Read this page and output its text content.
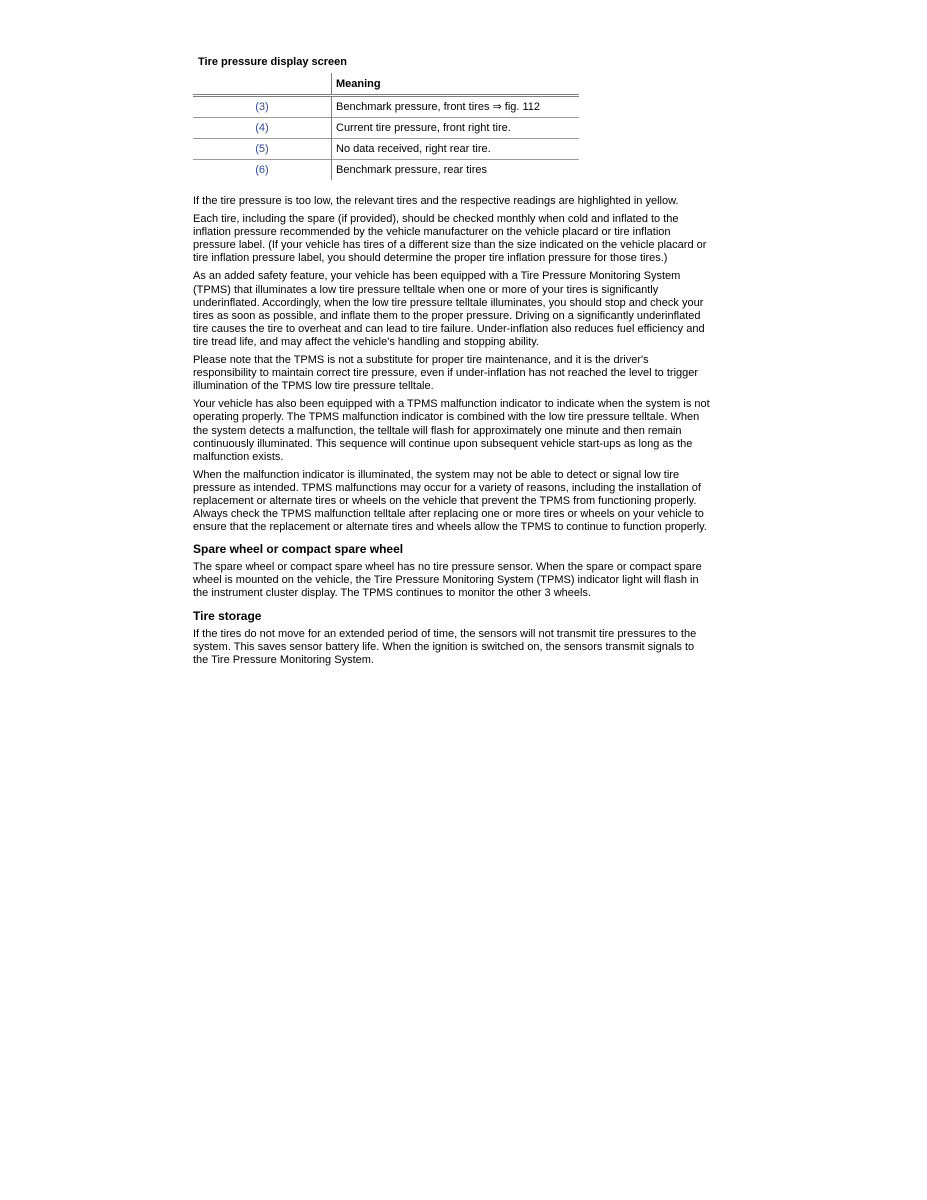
Tire pressure display screen
	Meaning
(3)	Benchmark pressure, front tires ⇒ fig. 112
(4)	Current tire pressure, front right tire.
(5)	No data received, right rear tire.
(6)	Benchmark pressure, rear tires

If the tire pressure is too low, the relevant tires and the respective readings are highlighted in yellow.

Each tire, including the spare (if provided), should be checked monthly when cold and inflated to the inflation pressure recommended by the vehicle manufacturer on the vehicle placard or tire inflation pressure label. (If your vehicle has tires of a different size than the size indicated on the vehicle placard or tire inflation pressure label, you should determine the proper tire inflation pressure for those tires.)

As an added safety feature, your vehicle has been equipped with a Tire Pressure Monitoring System (TPMS) that illuminates a low tire pressure telltale when one or more of your tires is significantly underinflated. Accordingly, when the low tire pressure telltale illuminates, you should stop and check your tires as soon as possible, and inflate them to the proper pressure. Driving on a significantly underinflated tire causes the tire to overheat and can lead to tire failure. Under-inflation also reduces fuel efficiency and tire tread life, and may affect the vehicle's handling and stopping ability.

Please note that the TPMS is not a substitute for proper tire maintenance, and it is the driver's responsibility to maintain correct tire pressure, even if under-inflation has not reached the level to trigger illumination of the TPMS low tire pressure telltale.

Your vehicle has also been equipped with a TPMS malfunction indicator to indicate when the system is not operating properly. The TPMS malfunction indicator is combined with the low tire pressure telltale. When the system detects a malfunction, the telltale will flash for approximately one minute and then remain continuously illuminated. This sequence will continue upon subsequent vehicle start-ups as long as the malfunction exists.

When the malfunction indicator is illuminated, the system may not be able to detect or signal low tire pressure as intended. TPMS malfunctions may occur for a variety of reasons, including the installation of replacement or alternate tires or wheels on the vehicle that prevent the TPMS from functioning properly. Always check the TPMS malfunction telltale after replacing one or more tires or wheels on your vehicle to ensure that the replacement or alternate tires and wheels allow the TPMS to continue to function properly.

Spare wheel or compact spare wheel

The spare wheel or compact spare wheel has no tire pressure sensor. When the spare or compact spare wheel is mounted on the vehicle, the Tire Pressure Monitoring System (TPMS) indicator light will flash in the instrument cluster display. The TPMS continues to monitor the other 3 wheels.

Tire storage

If the tires do not move for an extended period of time, the sensors will not transmit tire pressures to the system. This saves sensor battery life. When the ignition is switched on, the sensors transmit signals to the Tire Pressure Monitoring System.
